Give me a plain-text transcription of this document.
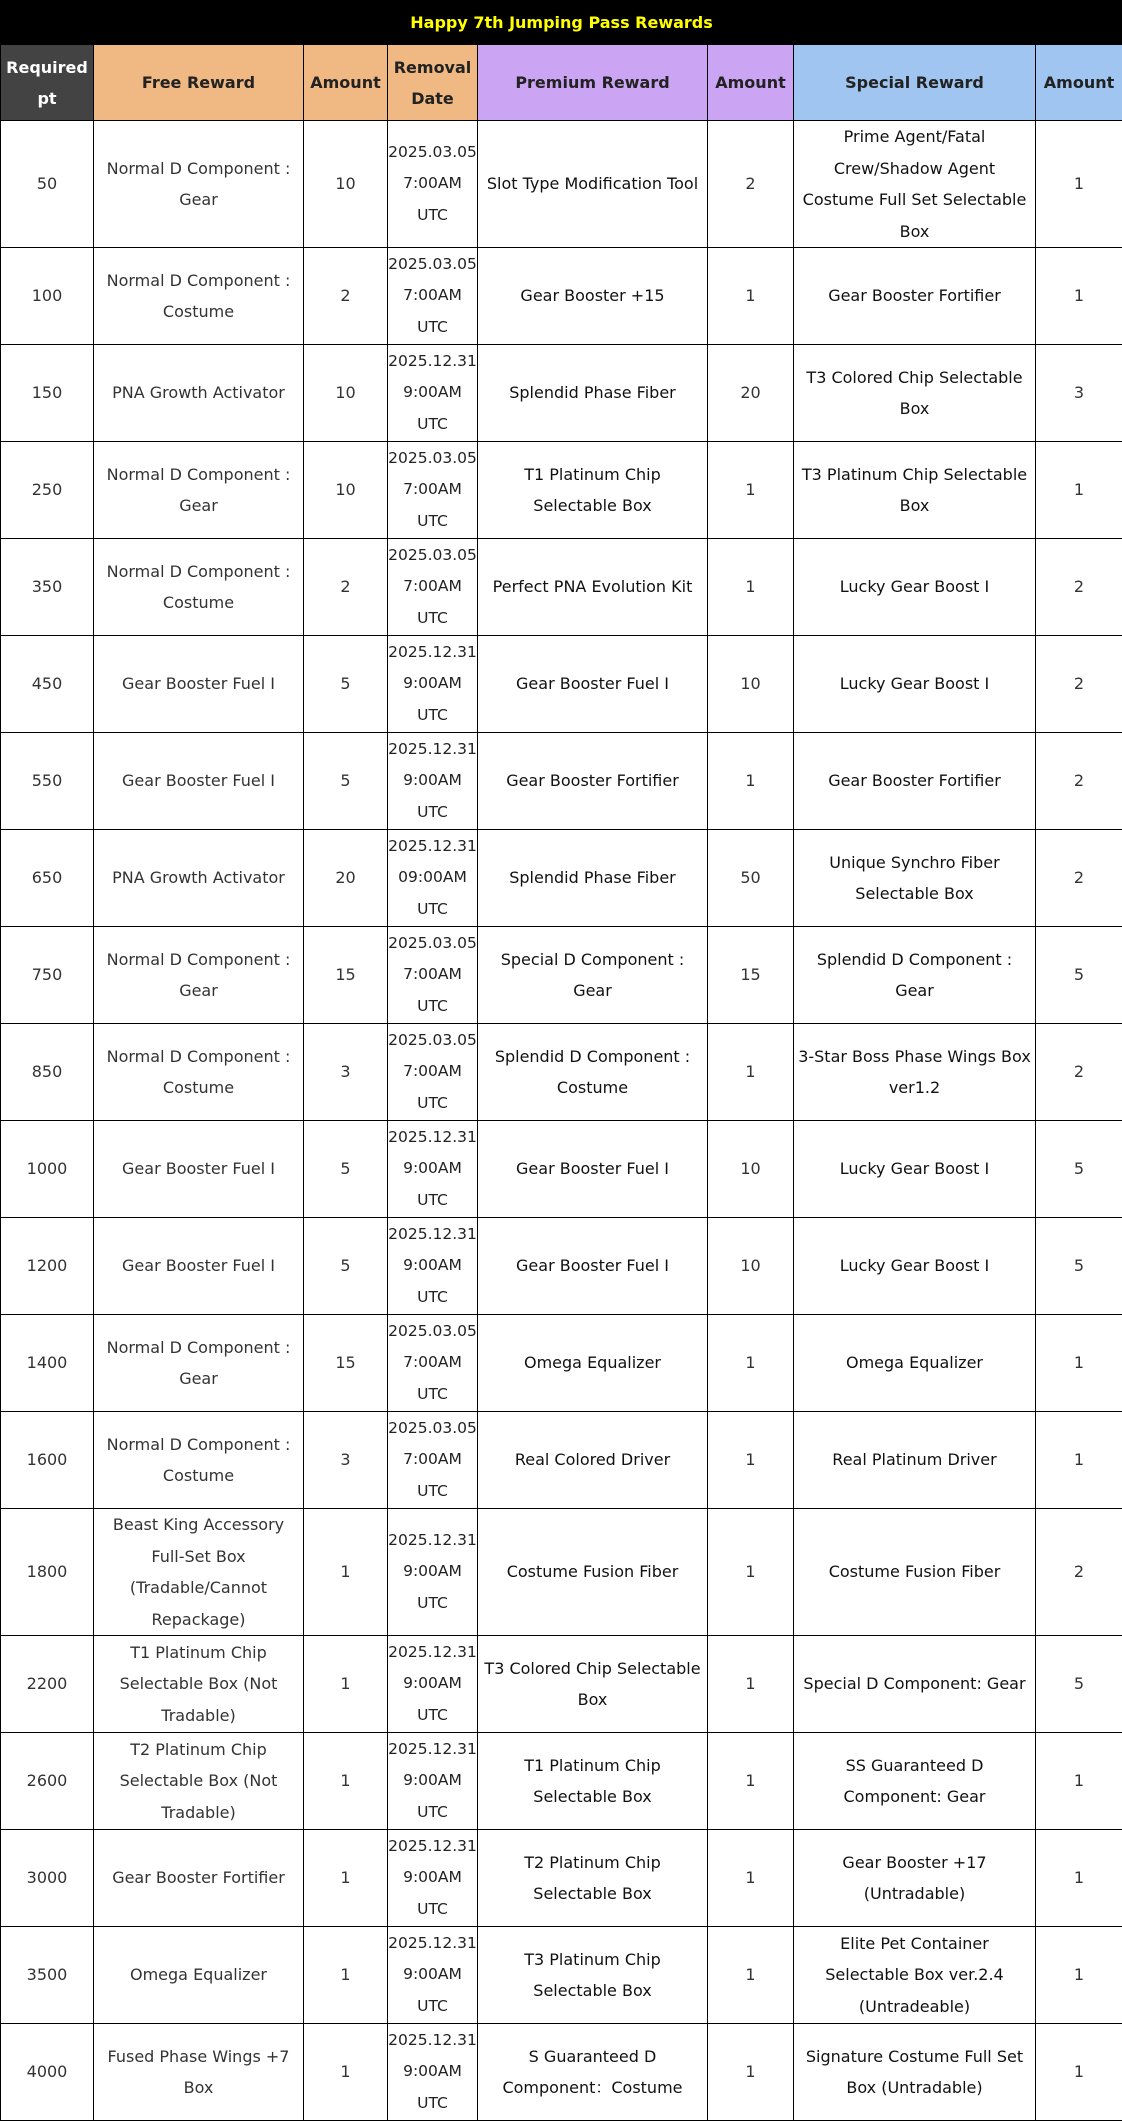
Happy 7th Jumping Pass Rewards							
Required pt	Free Reward	Amount	Removal Date	Premium Reward	Amount	Special Reward	Amount
50	Normal D Component : Gear	10	2025.03.05 7:00AM UTC	Slot Type Modification Tool	2	Prime Agent/Fatal Crew/Shadow Agent Costume Full Set Selectable Box	1
100	Normal D Component : Costume	2	2025.03.05 7:00AM UTC	Gear Booster +15	1	Gear Booster Fortifier	1
150	PNA Growth Activator	10	2025.12.31 9:00AM UTC	Splendid Phase Fiber	20	T3 Colored Chip Selectable Box	3
250	Normal D Component : Gear	10	2025.03.05 7:00AM UTC	T1 Platinum Chip Selectable Box	1	T3 Platinum Chip Selectable Box	1
350	Normal D Component : Costume	2	2025.03.05 7:00AM UTC	Perfect PNA Evolution Kit	1	Lucky Gear Boost I	2
450	Gear Booster Fuel I	5	2025.12.31 9:00AM UTC	Gear Booster Fuel I	10	Lucky Gear Boost I	2
550	Gear Booster Fuel I	5	2025.12.31 9:00AM UTC	Gear Booster Fortifier	1	Gear Booster Fortifier	2
650	PNA Growth Activator	20	2025.12.31 09:00AM UTC	Splendid Phase Fiber	50	Unique Synchro Fiber Selectable Box	2
750	Normal D Component : Gear	15	2025.03.05 7:00AM UTC	Special D Component : Gear	15	Splendid D Component : Gear	5
850	Normal D Component : Costume	3	2025.03.05 7:00AM UTC	Splendid D Component : Costume	1	3-Star Boss Phase Wings Box ver1.2	2
1000	Gear Booster Fuel I	5	2025.12.31 9:00AM UTC	Gear Booster Fuel I	10	Lucky Gear Boost I	5
1200	Gear Booster Fuel I	5	2025.12.31 9:00AM UTC	Gear Booster Fuel I	10	Lucky Gear Boost I	5
1400	Normal D Component : Gear	15	2025.03.05 7:00AM UTC	Omega Equalizer	1	Omega Equalizer	1
1600	Normal D Component : Costume	3	2025.03.05 7:00AM UTC	Real Colored Driver	1	Real Platinum Driver	1
1800	Beast King Accessory Full-Set Box (Tradable/Cannot Repackage)	1	2025.12.31 9:00AM UTC	Costume Fusion Fiber	1	Costume Fusion Fiber	2
2200	T1 Platinum Chip Selectable Box (Not Tradable)	1	2025.12.31 9:00AM UTC	T3 Colored Chip Selectable Box	1	Special D Component: Gear	5
2600	T2 Platinum Chip Selectable Box (Not Tradable)	1	2025.12.31 9:00AM UTC	T1 Platinum Chip Selectable Box	1	SS Guaranteed D Component: Gear	1
3000	Gear Booster Fortifier	1	2025.12.31 9:00AM UTC	T2 Platinum Chip Selectable Box	1	Gear Booster +17 (Untradable)	1
3500	Omega Equalizer	1	2025.12.31 9:00AM UTC	T3 Platinum Chip Selectable Box	1	Elite Pet Container Selectable Box ver.2.4 (Untradeable)	1
4000	Fused Phase Wings +7 Box	1	2025.12.31 9:00AM UTC	S Guaranteed D Component：Costume	1	Signature Costume Full Set Box (Untradable)	1
